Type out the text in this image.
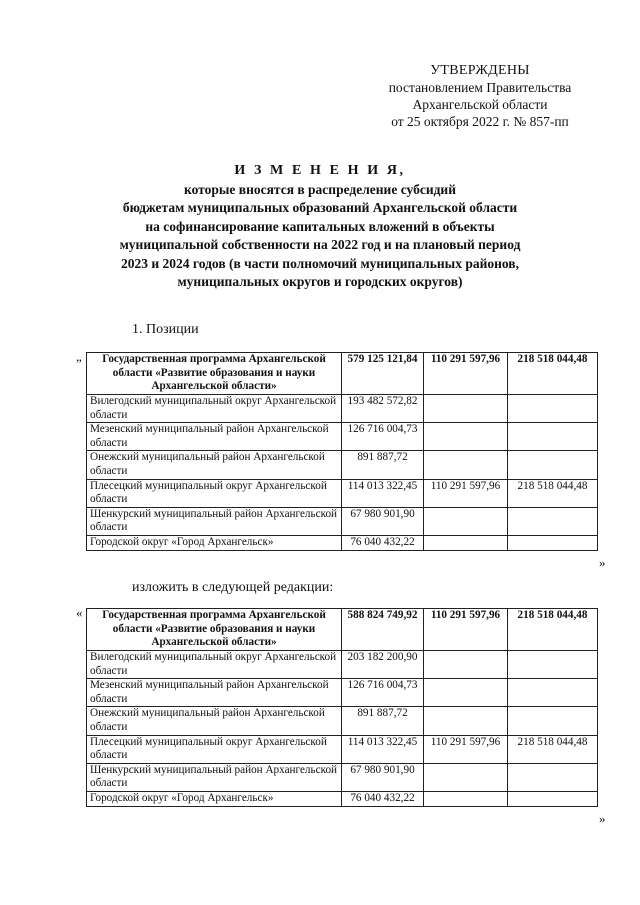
УТВЕРЖДЕНЫ
постановлением Правительства
Архангельской области
от 25 октября 2022 г. № 857-пп
И З М Е Н Е Н И Я,
которые вносятся в распределение субсидий
бюджетам муниципальных образований Архангельской области
на софинансирование капитальных вложений в объекты
муниципальной собственности на 2022 год и на плановый период
2023 и 2024 годов (в части полномочий муниципальных районов,
муниципальных округов и городских округов)
1. Позиции
„ Государственная программа Архангельской области «Развитие образования и науки Архангельской области»	579 125 121,84	110 291 597,96	218 518 044,48
Вилегодский муниципальный округ Архангельской области	193 482 572,82		
Мезенский муниципальный район Архангельской области	126 716 004,73		
Онежский муниципальный район Архангельской области	891 887,72		
Плесецкий муниципальный округ Архангельской области	114 013 322,45	110 291 597,96	218 518 044,48
Шенкурский муниципальный район Архангельской области	67 980 901,90		
Городской округ «Город Архангельск»	76 040 432,22		
»
изложить в следующей редакции:
« Государственная программа Архангельской области «Развитие образования и науки Архангельской области»	588 824 749,92	110 291 597,96	218 518 044,48
Вилегодский муниципальный округ Архангельской области	203 182 200,90		
Мезенский муниципальный район Архангельской области	126 716 004,73		
Онежский муниципальный район Архангельской области	891 887,72		
Плесецкий муниципальный округ Архангельской области	114 013 322,45	110 291 597,96	218 518 044,48
Шенкурский муниципальный район Архангельской области	67 980 901,90		
Городской округ «Город Архангельск»	76 040 432,22		
»
